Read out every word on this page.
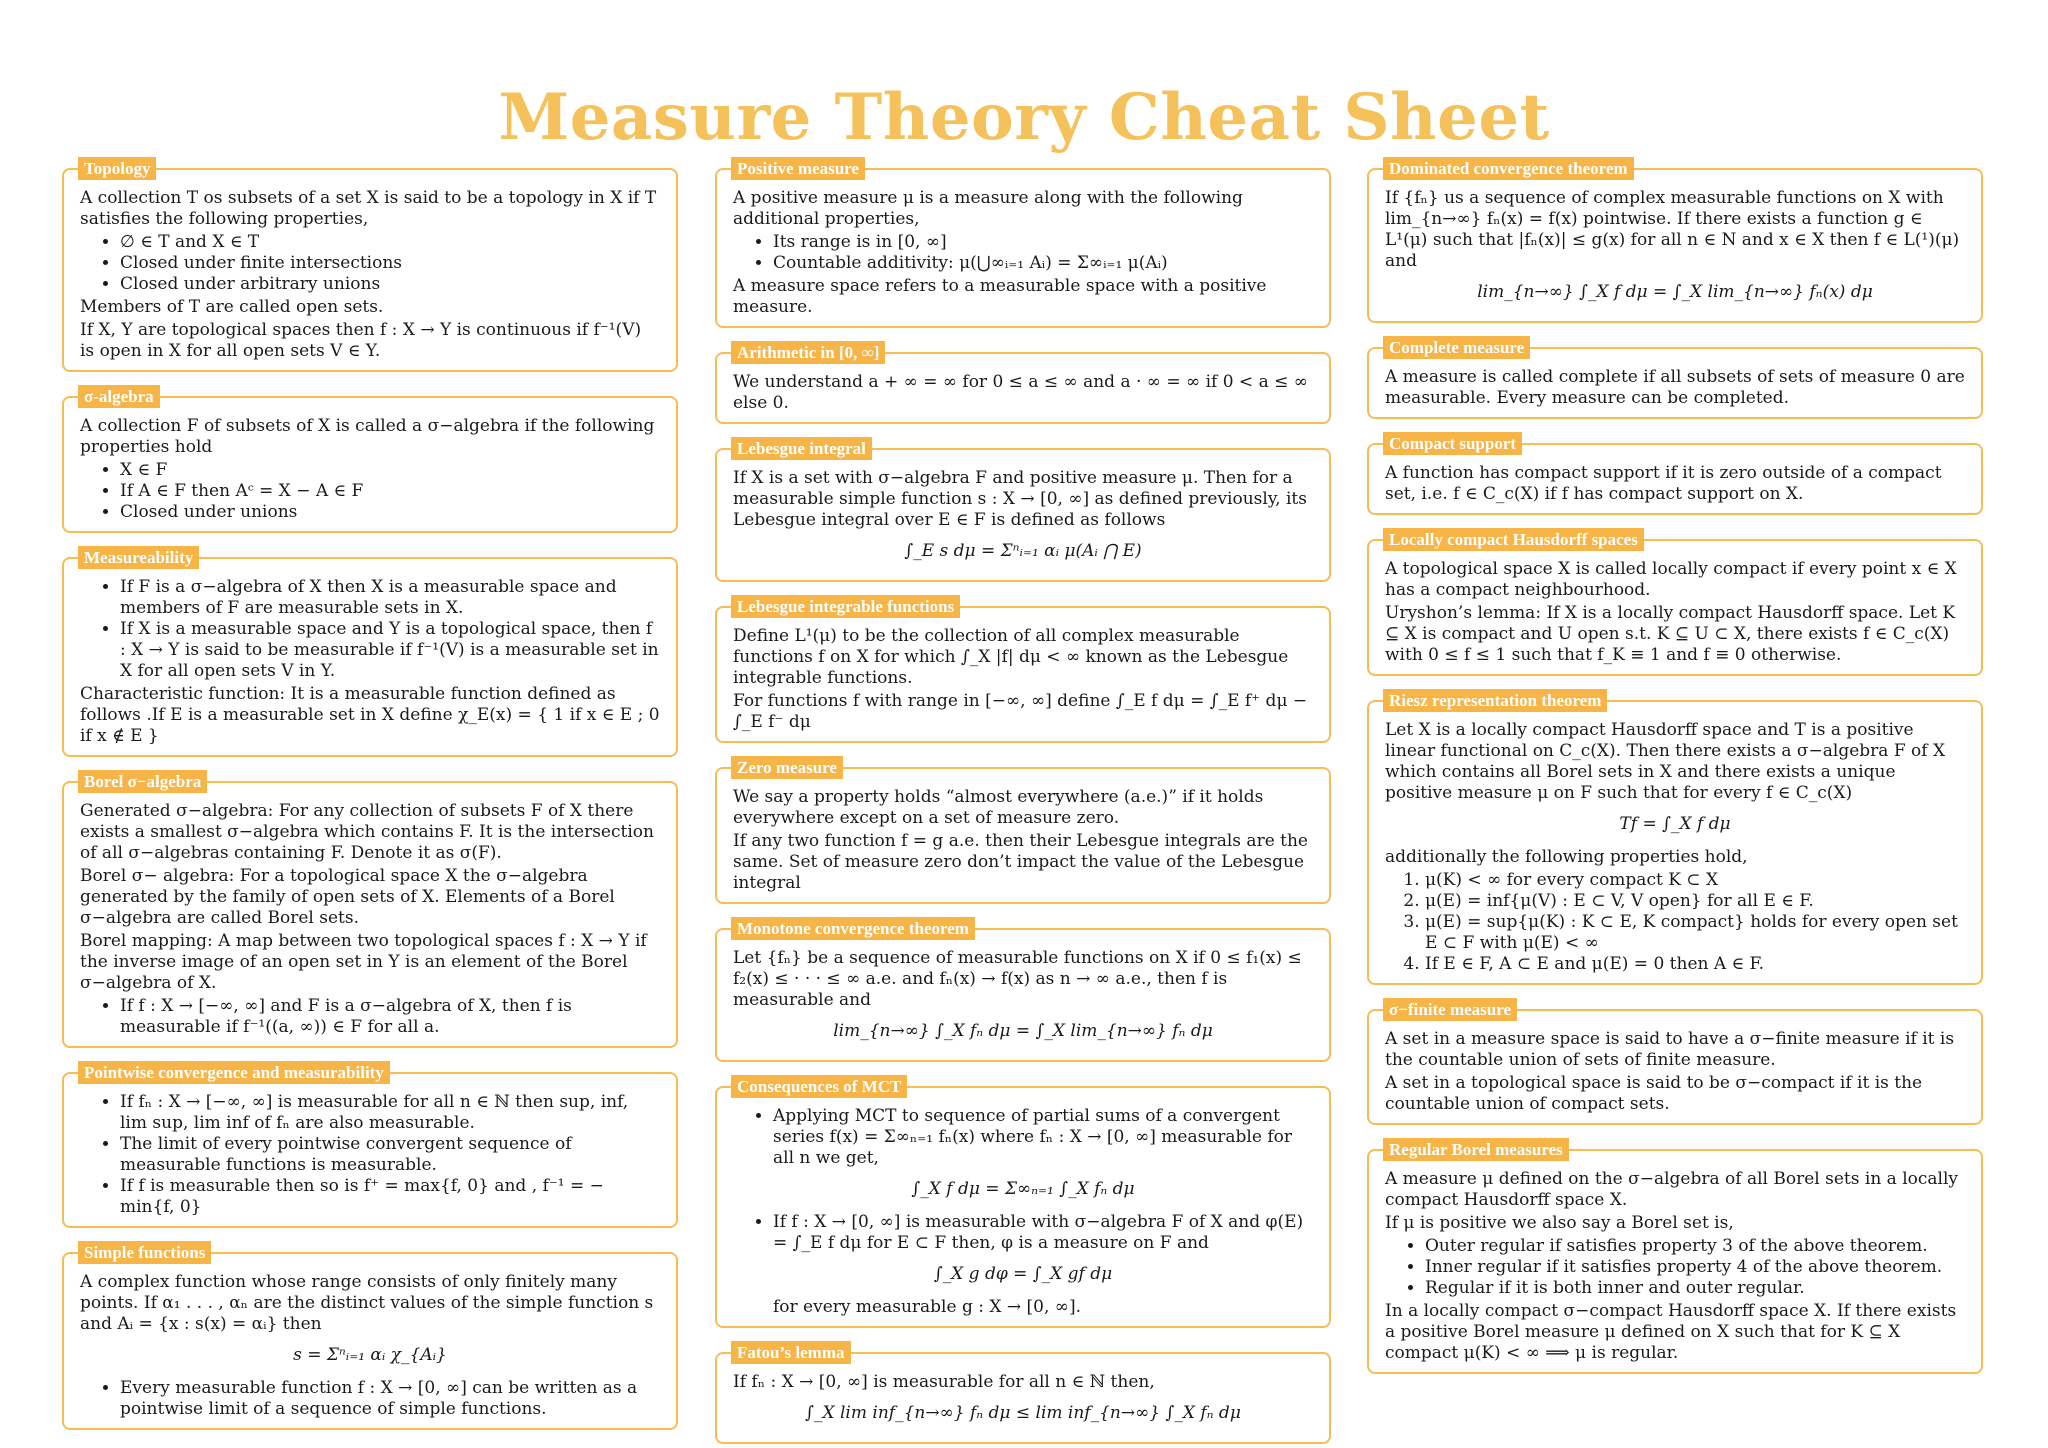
Measure Theory Cheat Sheet
Topology

A collection T os subsets of a set X is said to be a topology in X if T satisfies the following properties,

• ∅ ∈ T and X ∈ T
• Closed under finite intersections
• Closed under arbitrary unions

Members of T are called open sets.

If X, Y are topological spaces then f : X → Y is continuous if f⁻¹(V) is open in X for all open sets V ∈ Y.

σ-algebra

A collection F of subsets of X is called a σ−algebra if the following properties hold

• X ∈ F
• If A ∈ F then Aᶜ = X − A ∈ F
• Closed under unions
Measureability
• If F is a σ−algebra of X then X is a measurable space and members of F are measurable sets in X.
• If X is a measurable space and Y is a topological space, then f : X → Y is said to be measurable if f⁻¹(V) is a measurable set in X for all open sets V in Y.

Characteristic function: It is a measurable function defined as follows .If E is a measurable set in X define χ_E(x) = { 1 if x ∈ E ; 0 if x ∉ E }

Borel σ−algebra

Generated σ−algebra: For any collection of subsets F of X there exists a smallest σ−algebra which contains F. It is the intersection of all σ−algebras containing F. Denote it as σ(F).

Borel σ− algebra: For a topological space X the σ−algebra generated by the family of open sets of X. Elements of a Borel σ−algebra are called Borel sets.

Borel mapping: A map between two topological spaces f : X → Y if the inverse image of an open set in Y is an element of the Borel σ−algebra of X.

• If f : X → [−∞, ∞] and F is a σ−algebra of X, then f is measurable if f⁻¹((a, ∞)) ∈ F for all a.
Pointwise convergence and measurability
• If fₙ : X → [−∞, ∞] is measurable for all n ∈ ℕ then sup, inf, lim sup, lim inf of fₙ are also measurable.
• The limit of every pointwise convergent sequence of measurable functions is measurable.
• If f is measurable then so is f⁺ = max{f, 0} and , f⁻¹ = − min{f, 0}
Simple functions

A complex function whose range consists of only finitely many points. If α₁ . . . , αₙ are the distinct values of the simple function s and Aᵢ = {x : s(x) = αᵢ} then

s = Σⁿᵢ₌₁ αᵢ χ_{Aᵢ}
• Every measurable function f : X → [0, ∞] can be written as a pointwise limit of a sequence of simple functions.
Positive measure

A positive measure μ is a measure along with the following additional properties,

• Its range is in [0, ∞]
• Countable additivity: μ(⋃∞ᵢ₌₁ Aᵢ) = Σ∞ᵢ₌₁ μ(Aᵢ)

A measure space refers to a measurable space with a positive measure.

Arithmetic in [0, ∞]

We understand a + ∞ = ∞ for 0 ≤ a ≤ ∞ and a · ∞ = ∞ if 0 < a ≤ ∞ else 0.

Lebesgue integral

If X is a set with σ−algebra F and positive measure μ. Then for a measurable simple function s : X → [0, ∞] as defined previously, its Lebesgue integral over E ∈ F is defined as follows

∫_E s dμ = Σⁿᵢ₌₁ αᵢ μ(Aᵢ ⋂ E)
Lebesgue integrable functions

Define L¹(μ) to be the collection of all complex measurable functions f on X for which ∫_X |f| dμ < ∞ known as the Lebesgue integrable functions.

For functions f with range in [−∞, ∞] define ∫_E f dμ = ∫_E f⁺ dμ − ∫_E f⁻ dμ

Zero measure

We say a property holds “almost everywhere (a.e.)” if it holds everywhere except on a set of measure zero.

If any two function f = g a.e. then their Lebesgue integrals are the same. Set of measure zero don’t impact the value of the Lebesgue integral

Monotone convergence theorem

Let {fₙ} be a sequence of measurable functions on X if 0 ≤ f₁(x) ≤ f₂(x) ≤ · · · ≤ ∞ a.e. and fₙ(x) → f(x) as n → ∞ a.e., then f is measurable and

lim_{n→∞} ∫_X fₙ dμ = ∫_X lim_{n→∞} fₙ dμ
Consequences of MCT
• Applying MCT to sequence of partial sums of a convergent series f(x) = Σ∞ₙ₌₁ fₙ(x) where fₙ : X → [0, ∞] measurable for all n we get,
∫_X f dμ = Σ∞ₙ₌₁ ∫_X fₙ dμ
• If f : X → [0, ∞] is measurable with σ−algebra F of X and φ(E) = ∫_E f dμ for E ⊂ F then, φ is a measure on F and
∫_X g dφ = ∫_X gf dμ

for every measurable g : X → [0, ∞].

Fatou’s lemma

If fₙ : X → [0, ∞] is measurable for all n ∈ ℕ then,

∫_X lim inf_{n→∞} fₙ dμ ≤ lim inf_{n→∞} ∫_X fₙ dμ
Dominated convergence theorem

If {fₙ} us a sequence of complex measurable functions on X with lim_{n→∞} fₙ(x) = f(x) pointwise. If there exists a function g ∈ L¹(μ) such that |fₙ(x)| ≤ g(x) for all n ∈ N and x ∈ X then f ∈ L(¹)(μ) and

lim_{n→∞} ∫_X f dμ = ∫_X lim_{n→∞} fₙ(x) dμ
Complete measure

A measure is called complete if all subsets of sets of measure 0 are measurable. Every measure can be completed.

Compact support

A function has compact support if it is zero outside of a compact set, i.e. f ∈ C_c(X) if f has compact support on X.

Locally compact Hausdorff spaces

A topological space X is called locally compact if every point x ∈ X has a compact neighbourhood.

Uryshon’s lemma: If X is a locally compact Hausdorff space. Let K ⊆ X is compact and U open s.t. K ⊆ U ⊂ X, there exists f ∈ C_c(X) with 0 ≤ f ≤ 1 such that f_K ≡ 1 and f ≡ 0 otherwise.

Riesz representation theorem

Let X is a locally compact Hausdorff space and T is a positive linear functional on C_c(X). Then there exists a σ−algebra F of X which contains all Borel sets in X and there exists a unique positive measure μ on F such that for every f ∈ C_c(X)

Tf = ∫_X f dμ

additionally the following properties hold,

1. μ(K) < ∞ for every compact K ⊂ X
2. μ(E) = inf{μ(V) : E ⊂ V, V open} for all E ∈ F.
3. μ(E) = sup{μ(K) : K ⊂ E, K compact} holds for every open set E ⊂ F with μ(E) < ∞
4. If E ∈ F, A ⊂ E and μ(E) = 0 then A ∈ F.
σ−finite measure

A set in a measure space is said to have a σ−finite measure if it is the countable union of sets of finite measure.

A set in a topological space is said to be σ−compact if it is the countable union of compact sets.

Regular Borel measures

A measure μ defined on the σ−algebra of all Borel sets in a locally compact Hausdorff space X.

If μ is positive we also say a Borel set is,

• Outer regular if satisfies property 3 of the above theorem.
• Inner regular if it satisfies property 4 of the above theorem.
• Regular if it is both inner and outer regular.

In a locally compact σ−compact Hausdorff space X. If there exists a positive Borel measure μ defined on X such that for K ⊆ X compact μ(K) < ∞ ⟹ μ is regular.
